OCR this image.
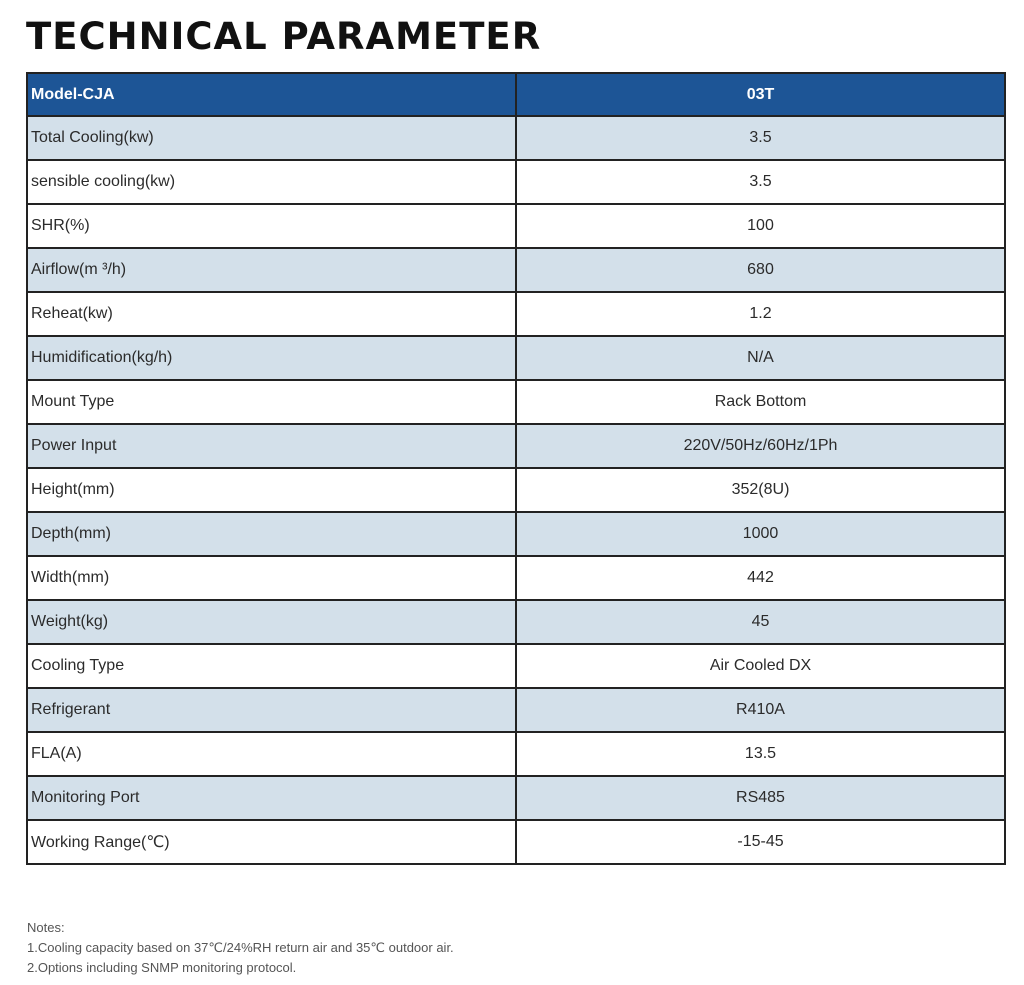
TECHNICAL PARAMETER
Model-CJA	03T
Total Cooling(kw)	3.5
sensible cooling(kw)	3.5
SHR(%)	100
Airflow(m ³/h)	680
Reheat(kw)	1.2
Humidification(kg/h)	N/A
Mount Type	Rack Bottom
Power Input	220V/50Hz/60Hz/1Ph
Height(mm)	352(8U)
Depth(mm)	1000
Width(mm)	442
Weight(kg)	45
Cooling Type	Air Cooled DX
Refrigerant	R410A
FLA(A)	13.5
Monitoring Port	RS485
Working Range(℃)	-15-45
Notes:
1.Cooling capacity based on 37℃/24%RH return air and 35℃ outdoor air.
2.Options including SNMP monitoring protocol.
